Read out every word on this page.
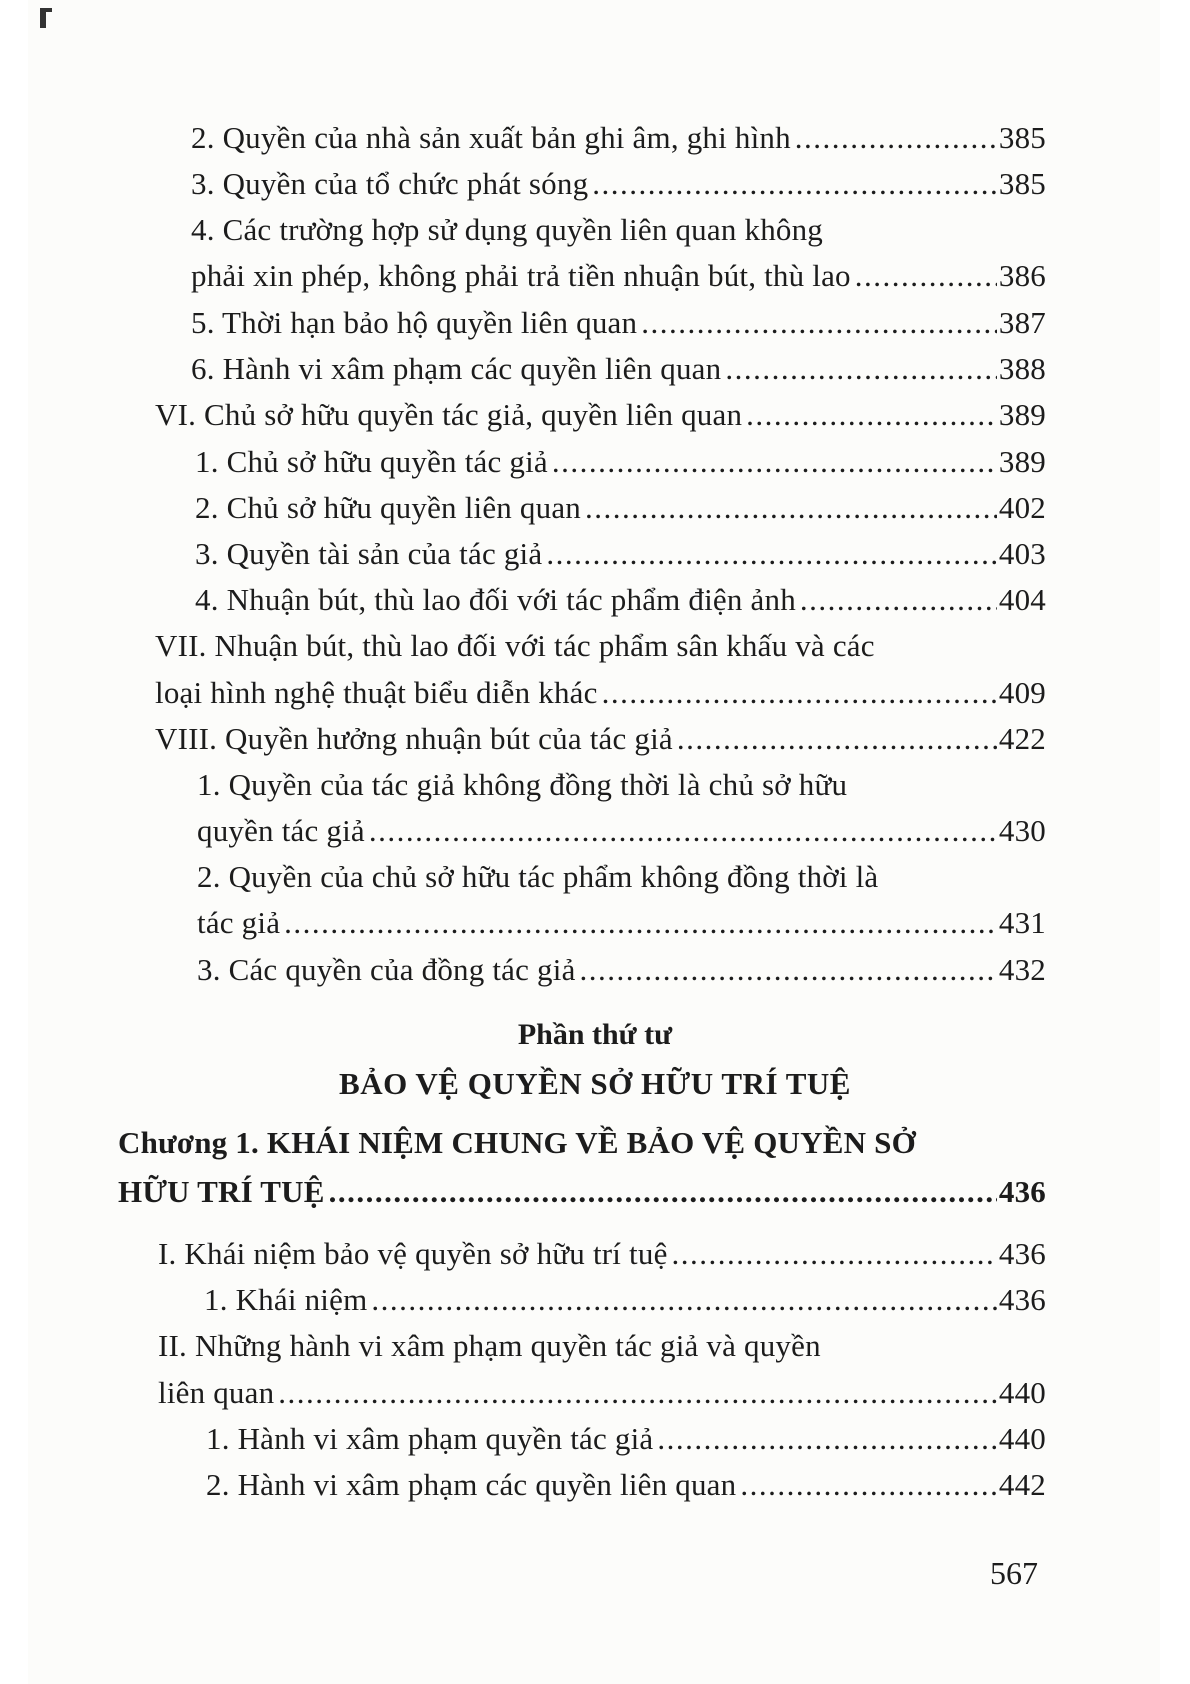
2. Quyền của nhà sản xuất bản ghi âm, ghi hình .....	385
3. Quyền của tổ chức phát sóng .....	385
4. Các trường hợp sử dụng quyền liên quan không
phải xin phép, không phải trả tiền nhuận bút, thù lao .....	386
5. Thời hạn bảo hộ quyền liên quan .....	387
6. Hành vi xâm phạm các quyền liên quan .....	388
VI. Chủ sở hữu quyền tác giả, quyền liên quan .....	389
1. Chủ sở hữu quyền tác giả .....	389
2. Chủ sở hữu quyền liên quan .....	402
3. Quyền tài sản của tác giả .....	403
4. Nhuận bút, thù lao đối với tác phẩm điện ảnh .....	404
VII. Nhuận bút, thù lao đối với tác phẩm sân khấu và các
loại hình nghệ thuật biểu diễn khác .....	409
VIII. Quyền hưởng nhuận bút của tác giả .....	422
1. Quyền của tác giả không đồng thời là chủ sở hữu
quyền tác giả .....	430
2. Quyền của chủ sở hữu tác phẩm không đồng thời là
tác giả .....	431
3. Các quyền của đồng tác giả .....	432
Phần thứ tư
BẢO VỆ QUYỀN SỞ HỮU TRÍ TUỆ
Chương 1. KHÁI NIỆM CHUNG VỀ BẢO VỆ QUYỀN SỞ
HỮU TRÍ TUỆ .....	436
I. Khái niệm bảo vệ quyền sở hữu trí tuệ .....	436
1. Khái niệm .....	436
II. Những hành vi xâm phạm quyền tác giả và quyền
liên quan .....	440
1. Hành vi xâm phạm quyền tác giả .....	440
2. Hành vi xâm phạm các quyền liên quan .....	442
567
